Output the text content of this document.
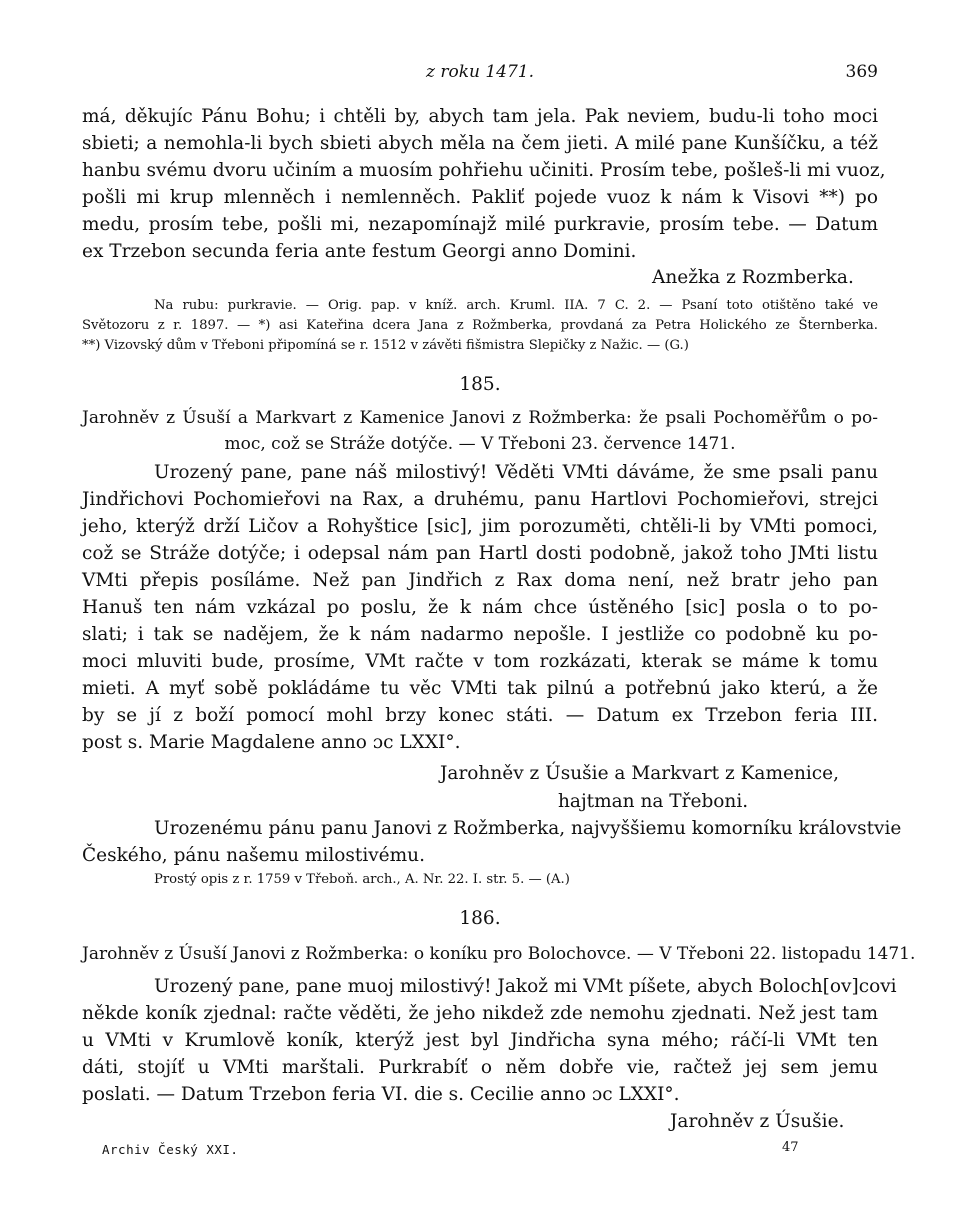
z roku 1471.	369
má, děkujíc Pánu Bohu; i chtěli by, abych tam jela. Pak neviem, budu-li toho moci
sbieti; a nemohla-li bych sbieti abych měla na čem jieti. A milé pane Kunšíčku, a též
hanbu svému dvoru učiním a muosím pohřiehu učiniti. Prosím tebe, pošleš-li mi vuoz,
pošli mi krup mlenněch i nemlenněch. Pakliť pojede vuoz k nám k Visovi **) po
medu, prosím tebe, pošli mi, nezapomínajž milé purkravie, prosím tebe. — Datum
ex Trzebon secunda feria ante festum Georgi anno Domini.
Anežka z Rozmberka.
Na rubu: purkravie. — Orig. pap. v kníž. arch. Kruml. IIA. 7 C. 2. — Psaní toto otištěno také ve
Světozoru z r. 1897. — *) asi Kateřina dcera Jana z Rožmberka, provdaná za Petra Holického ze Šternberka.
**) Vizovský dům v Třeboni připomíná se r. 1512 v závěti fišmistra Slepičky z Nažic. — (G.)
185.
Jarohněv z Úsuší a Markvart z Kamenice Janovi z Rožmberka: že psali Pochoměřům o po-
moc, což se Stráže dotýče. — V Třeboni 23. července 1471.
Urozený pane, pane náš milostivý! Věděti VMti dáváme, že sme psali panu
Jindřichovi Pochomieřovi na Rax, a druhému, panu Hartlovi Pochomieřovi, strejci
jeho, kterýž drží Ličov a Rohyštice [sic], jim porozuměti, chtěli-li by VMti pomoci,
což se Stráže dotýče; i odepsal nám pan Hartl dosti podobně, jakož toho JMti listu
VMti přepis posíláme. Než pan Jindřich z Rax doma není, než bratr jeho pan
Hanuš ten nám vzkázal po poslu, že k nám chce ústěného [sic] posla o to po-
slati; i tak se nadějem, že k nám nadarmo nepošle. I jestliže co podobně ku po-
moci mluviti bude, prosíme, VMt račte v tom rozkázati, kterak se máme k tomu
mieti. A myť sobě pokládáme tu věc VMti tak pilnú a potřebnú jako kterú, a že
by se jí z boží pomocí mohl brzy konec státi. — Datum ex Trzebon feria III.
post s. Marie Magdalene anno ɔc LXXI°.
Jarohněv z Úsušie a Markvart z Kamenice,
hajtman na Třeboni.
Urozenému pánu panu Janovi z Rožmberka, najvyššiemu komorníku královstvie
Českého, pánu našemu milostivému.
Prostý opis z r. 1759 v Třeboň. arch., A. Nr. 22. I. str. 5. — (A.)
186.
Jarohněv z Úsuší Janovi z Rožmberka: o koníku pro Bolochovce. — V Třeboni 22. listopadu 1471.
Urozený pane, pane muoj milostivý! Jakož mi VMt píšete, abych Boloch[ov]covi
někde koník zjednal: račte věděti, že jeho nikdež zde nemohu zjednati. Než jest tam
u VMti v Krumlově koník, kterýž jest byl Jindřicha syna mého; ráčí-li VMt ten
dáti, stojíť u VMti marštali. Purkrabíť o něm dobře vie, račtež jej sem jemu
poslati. — Datum Trzebon feria VI. die s. Cecilie anno ɔc LXXI°.
Jarohněv z Úsušie.
Archiv Český XXI.	47
